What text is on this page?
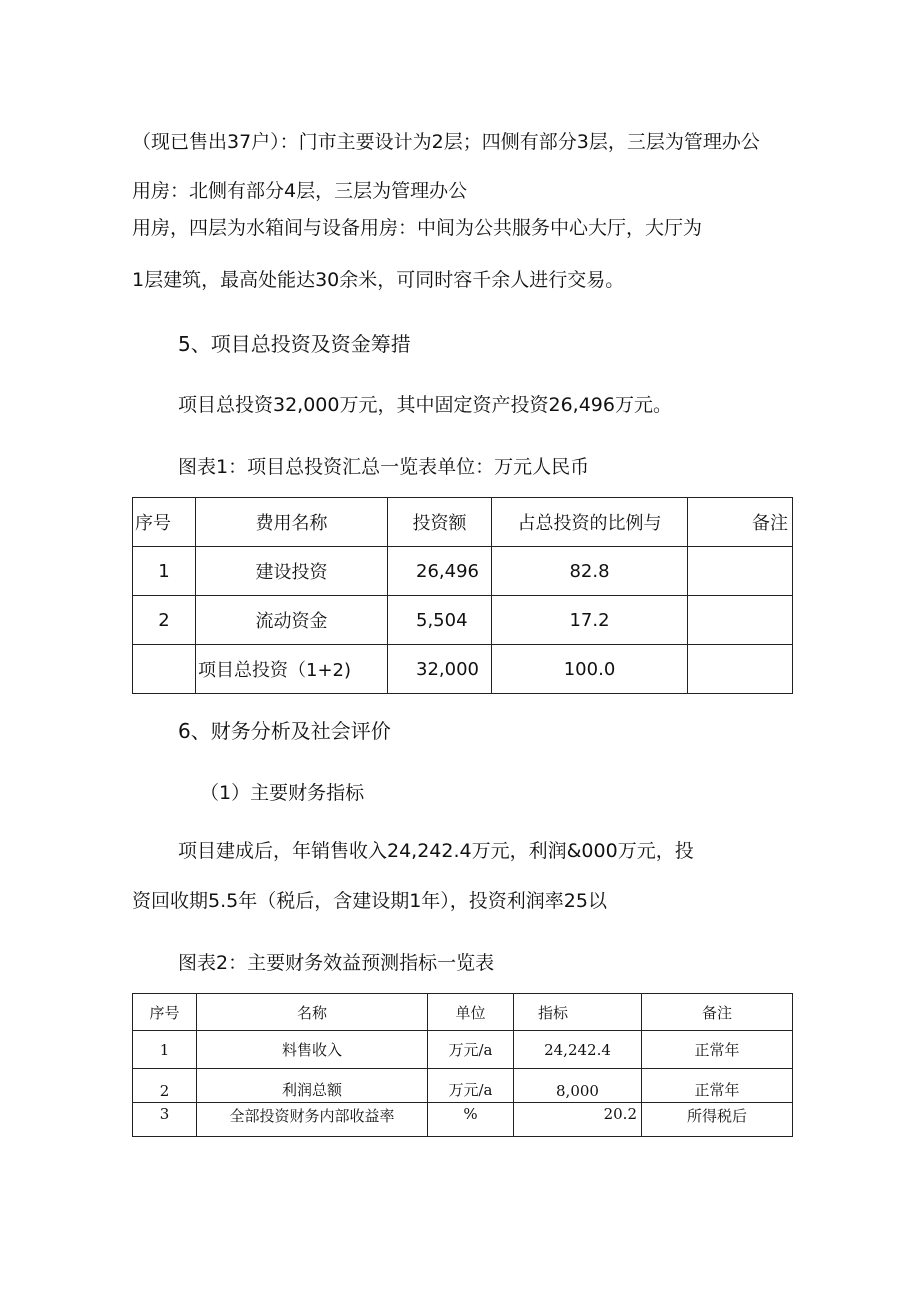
（现已售出37户）：门市主要设计为2层；四侧有部分3层，三层为管理办公
用房：北侧有部分4层，三层为管理办公
用房，四层为水箱间与设备用房：中间为公共服务中心大厅，大厅为
1层建筑，最高处能达30余米，可同时容千余人进行交易。
5、项目总投资及资金筹措
项目总投资32,000万元，其中固定资产投资26,496万元。
图表1：项目总投资汇总一览表单位：万元人民币
序号	费用名称	投资额	占总投资的比例与	备注
1	建设投资	26,496	82.8	
2	流动资金	5,504	17.2	
	项目总投资（1+2)	32,000	100.0	
6、财务分析及社会评价
（1）主要财务指标
项目建成后，年销售收入24,242.4万元，利润&000万元，投
资回收期5.5年（税后，含建设期1年），投资利润率25以
图表2：主要财务效益预测指标一览表
序号	名称	单位	指标	备注
1	料售收入	万元/a	24,242.4	正常年
2	利润总额	万元/a	8,000	正常年
3	全部投资财务内部收益率	%	20.2	所得税后
